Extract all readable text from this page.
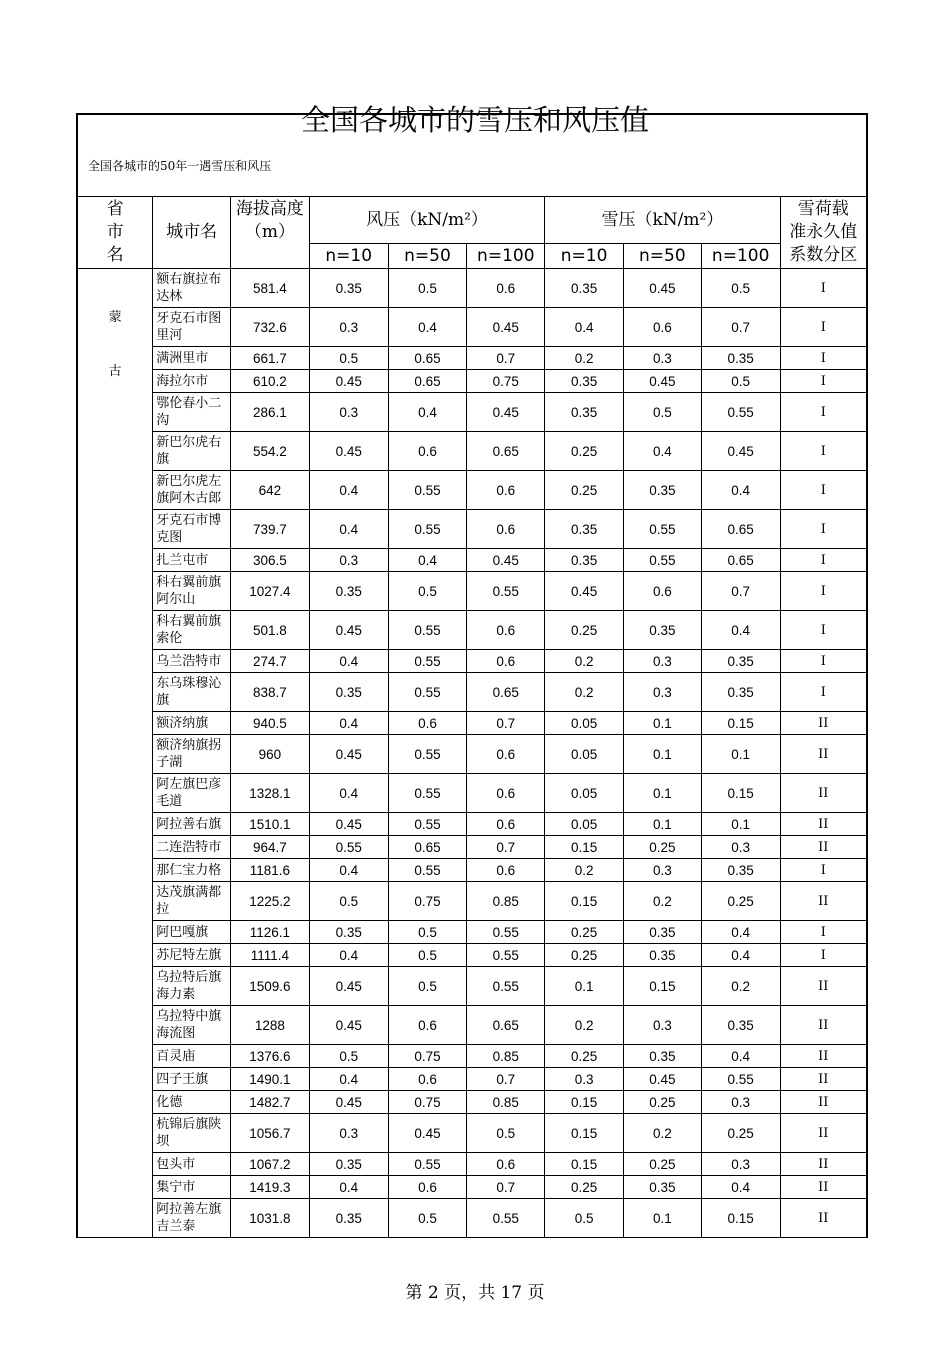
全国各城市的雪压和风压值
全国各城市的50年一遇雪压和风压
省
市
名	城市名	海拔高度
（m）	风压（kN/m²）			雪压（kN/m²）			雪荷载
准永久值
系数分区
			n=10	n=50	n=100	n=10	n=50	n=100	
蒙
古	额右旗拉布达林	581.4	0.35	0.5	0.6	0.35	0.45	0.5	I
	牙克石市图里河	732.6	0.3	0.4	0.45	0.4	0.6	0.7	I
	满洲里市	661.7	0.5	0.65	0.7	0.2	0.3	0.35	I
	海拉尔市	610.2	0.45	0.65	0.75	0.35	0.45	0.5	I
	鄂伦春小二沟	286.1	0.3	0.4	0.45	0.35	0.5	0.55	I
	新巴尔虎右旗	554.2	0.45	0.6	0.65	0.25	0.4	0.45	I
	新巴尔虎左旗阿木古郎	642	0.4	0.55	0.6	0.25	0.35	0.4	I
	牙克石市博克图	739.7	0.4	0.55	0.6	0.35	0.55	0.65	I
	扎兰屯市	306.5	0.3	0.4	0.45	0.35	0.55	0.65	I
	科右翼前旗阿尔山	1027.4	0.35	0.5	0.55	0.45	0.6	0.7	I
	科右翼前旗索伦	501.8	0.45	0.55	0.6	0.25	0.35	0.4	I
	乌兰浩特市	274.7	0.4	0.55	0.6	0.2	0.3	0.35	I
	东乌珠穆沁旗	838.7	0.35	0.55	0.65	0.2	0.3	0.35	I
	额济纳旗	940.5	0.4	0.6	0.7	0.05	0.1	0.15	II
	额济纳旗拐子湖	960	0.45	0.55	0.6	0.05	0.1	0.1	II
	阿左旗巴彦毛道	1328.1	0.4	0.55	0.6	0.05	0.1	0.15	II
	阿拉善右旗	1510.1	0.45	0.55	0.6	0.05	0.1	0.1	II
	二连浩特市	964.7	0.55	0.65	0.7	0.15	0.25	0.3	II
	那仁宝力格	1181.6	0.4	0.55	0.6	0.2	0.3	0.35	I
	达茂旗满都拉	1225.2	0.5	0.75	0.85	0.15	0.2	0.25	II
	阿巴嘎旗	1126.1	0.35	0.5	0.55	0.25	0.35	0.4	I
	苏尼特左旗	1111.4	0.4	0.5	0.55	0.25	0.35	0.4	I
	乌拉特后旗海力素	1509.6	0.45	0.5	0.55	0.1	0.15	0.2	II
	乌拉特中旗海流图	1288	0.45	0.6	0.65	0.2	0.3	0.35	II
	百灵庙	1376.6	0.5	0.75	0.85	0.25	0.35	0.4	II
	四子王旗	1490.1	0.4	0.6	0.7	0.3	0.45	0.55	II
	化德	1482.7	0.45	0.75	0.85	0.15	0.25	0.3	II
	杭锦后旗陕坝	1056.7	0.3	0.45	0.5	0.15	0.2	0.25	II
	包头市	1067.2	0.35	0.55	0.6	0.15	0.25	0.3	II
	集宁市	1419.3	0.4	0.6	0.7	0.25	0.35	0.4	II
	阿拉善左旗吉兰泰	1031.8	0.35	0.5	0.55	0.5	0.1	0.15	II
第 2 页，共 17 页
